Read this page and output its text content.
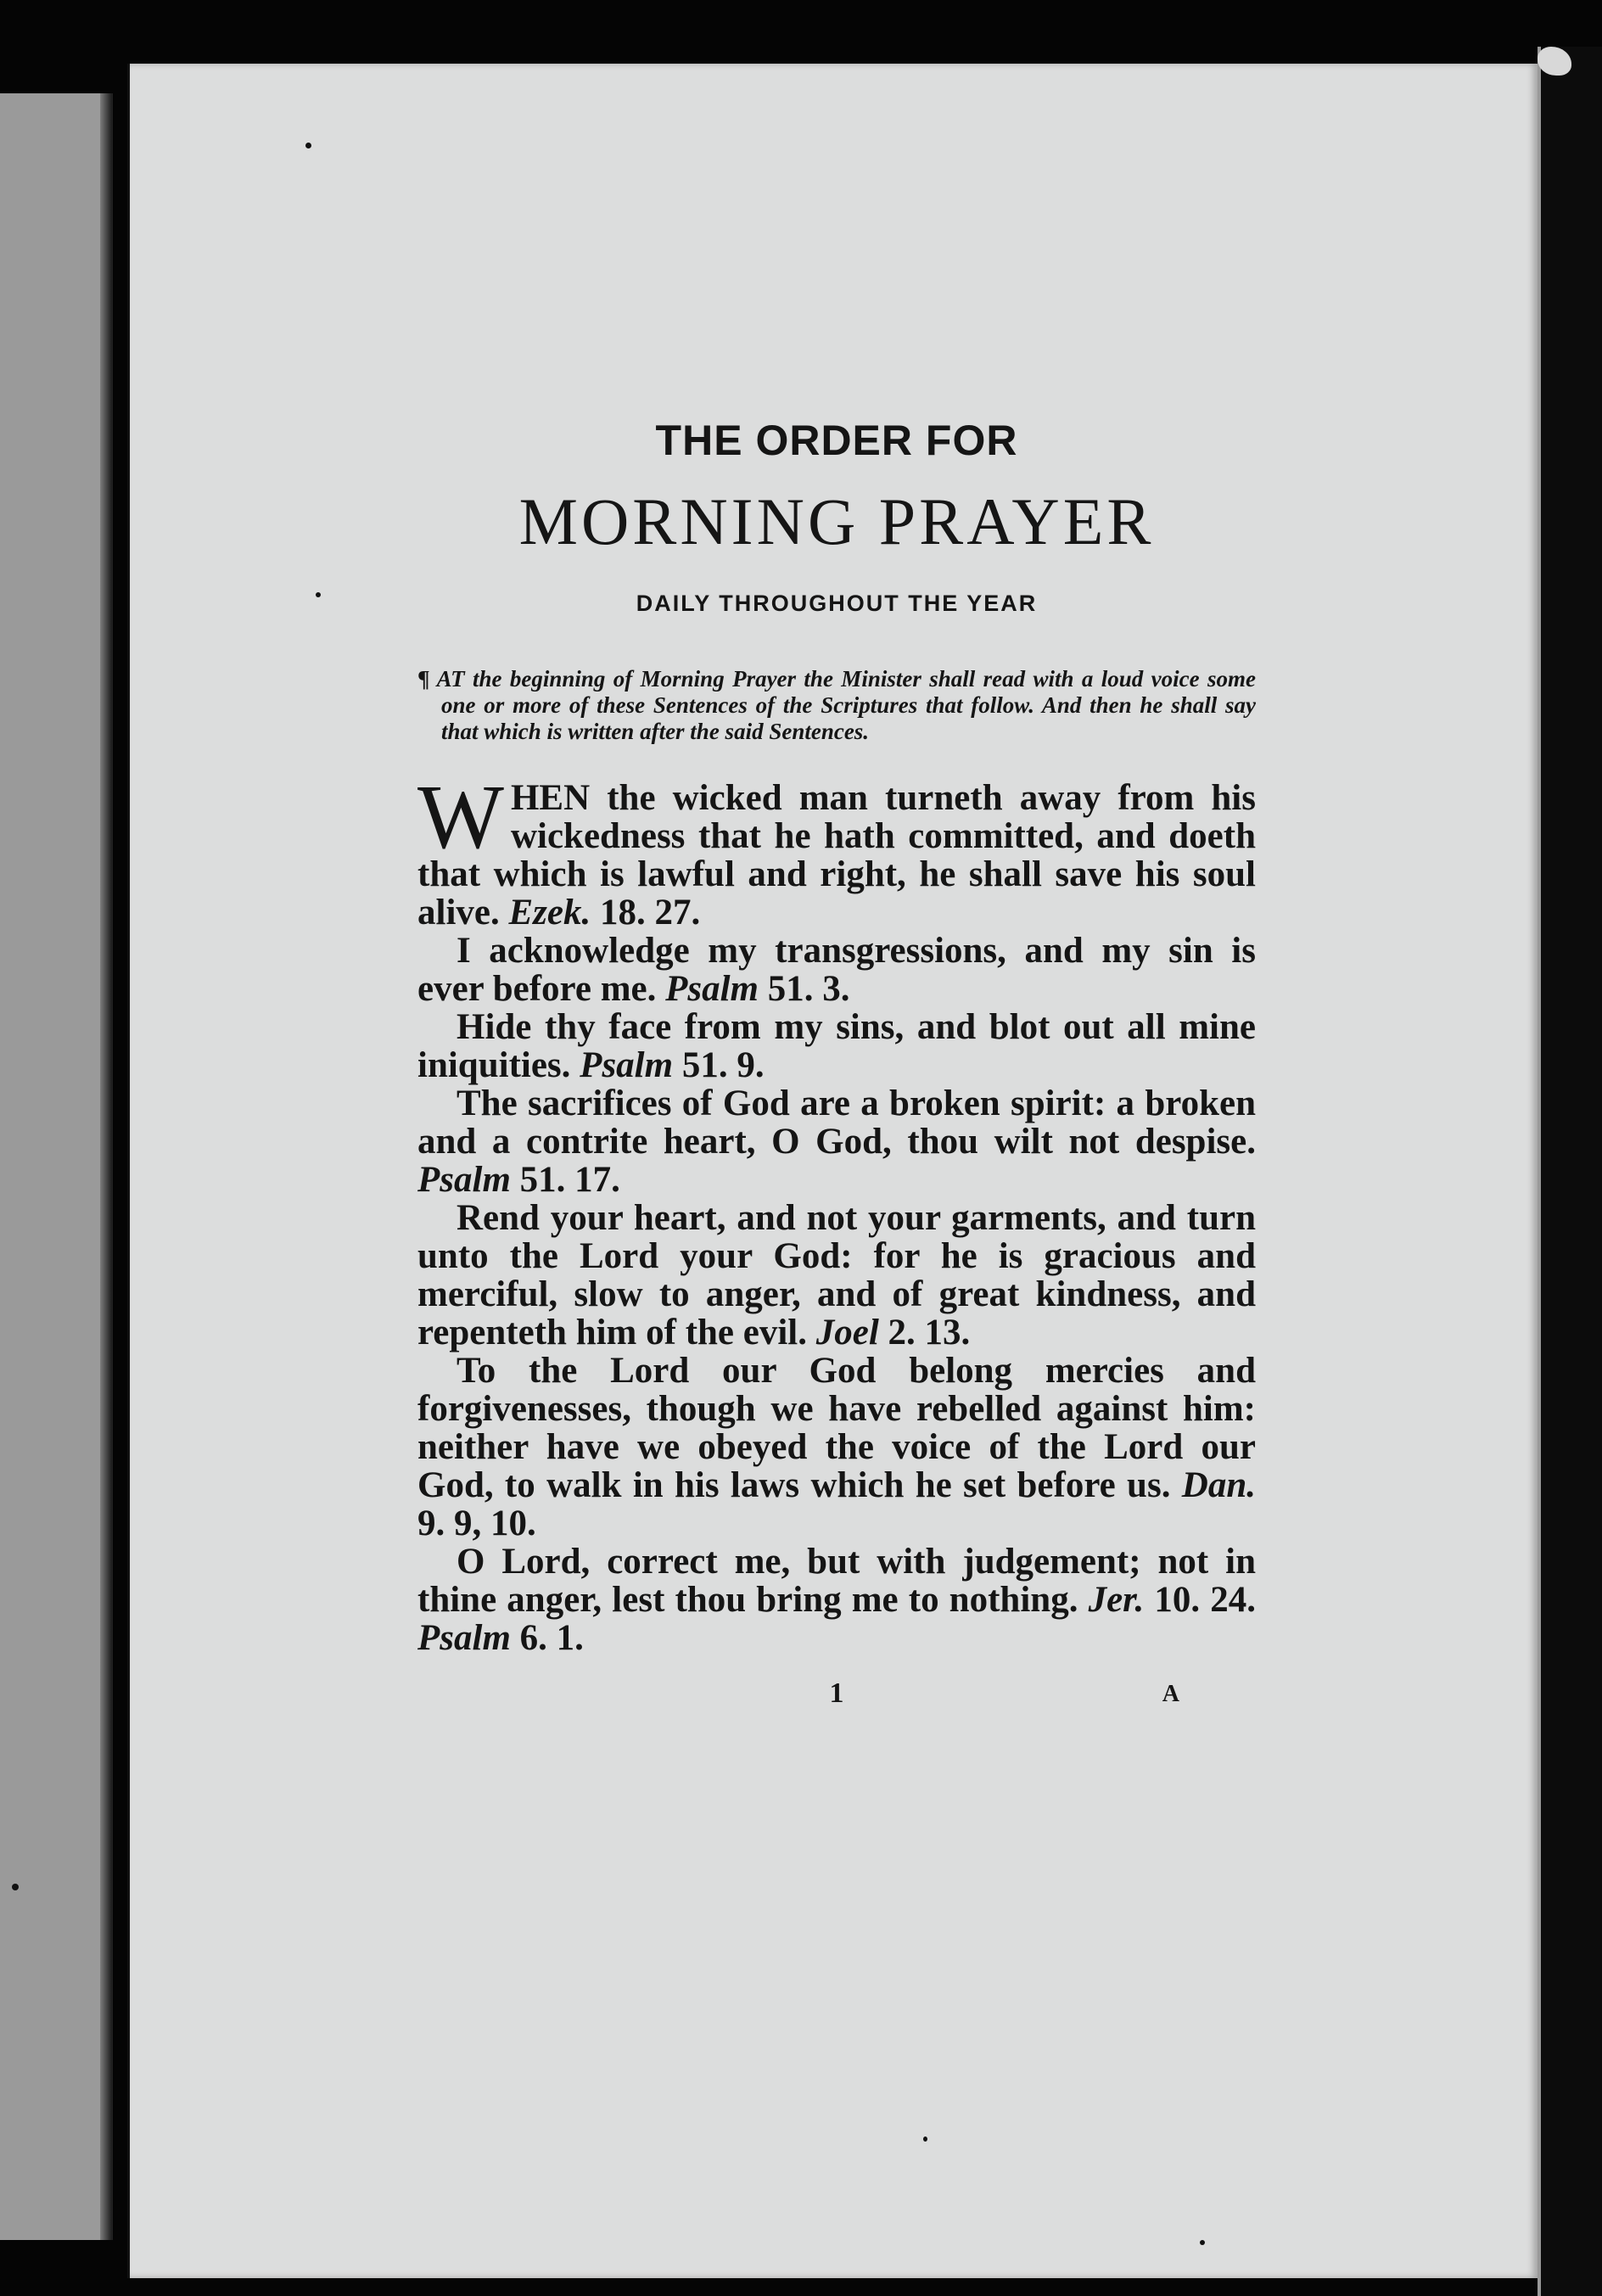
THE ORDER FOR

MORNING PRAYER

DAILY THROUGHOUT THE YEAR

¶ AT the beginning of Morning Prayer the Minister shall read with a loud voice some one or more of these Sentences of the Scriptures that follow. And then he shall say that which is written after the said Sentences.

WHEN the wicked man turneth away from his wickedness that he hath committed, and doeth that which is lawful and right, he shall save his soul alive. Ezek. 18. 27.

I acknowledge my transgressions, and my sin is ever before me. Psalm 51. 3.

Hide thy face from my sins, and blot out all mine iniquities. Psalm 51. 9.

The sacrifices of God are a broken spirit: a broken and a contrite heart, O God, thou wilt not despise. Psalm 51. 17.

Rend your heart, and not your garments, and turn unto the Lord your God: for he is gracious and merciful, slow to anger, and of great kindness, and repenteth him of the evil. Joel 2. 13.

To the Lord our God belong mercies and forgivenesses, though we have rebelled against him: neither have we obeyed the voice of the Lord our God, to walk in his laws which he set before us. Dan. 9. 9, 10.

O Lord, correct me, but with judgement; not in thine anger, lest thou bring me to nothing. Jer. 10. 24. Psalm 6. 1.

1	A
